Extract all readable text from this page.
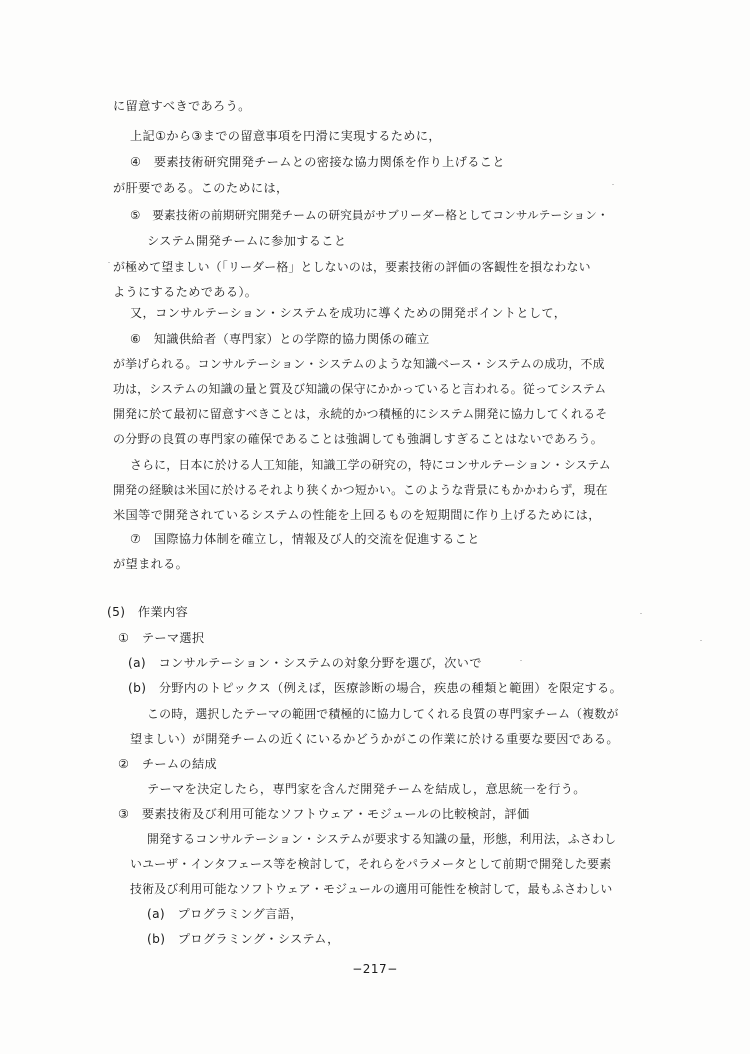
に留意すべきであろう。
上記①から③までの留意事項を円滑に実現するために，
④　要素技術研究開発チームとの密接な協力関係を作り上げること
が肝要である。このためには，
⑤　要素技術の前期研究開発チームの研究員がサブリーダー格としてコンサルテーション・
システム開発チームに参加すること
が極めて望ましい（「リーダー格」としないのは，要素技術の評価の客観性を損なわない
ようにするためである）。
又，コンサルテーション・システムを成功に導くための開発ポイントとして，
⑥　知識供給者（専門家）との学際的協力関係の確立
が挙げられる。コンサルテーション・システムのような知識ベース・システムの成功，不成
功は，システムの知識の量と質及び知識の保守にかかっていると言われる。従ってシステム
開発に於て最初に留意すべきことは，永続的かつ積極的にシステム開発に協力してくれるそ
の分野の良質の専門家の確保であることは強調しても強調しすぎることはないであろう。
さらに，日本に於ける人工知能，知識工学の研究の，特にコンサルテーション・システム
開発の経験は米国に於けるそれより狭くかつ短かい。このような背景にもかかわらず，現在
米国等で開発されているシステムの性能を上回るものを短期間に作り上げるためには，
⑦　国際協力体制を確立し，情報及び人的交流を促進すること
が望まれる。
(5)　作業内容
①　テーマ選択
(a)　コンサルテーション・システムの対象分野を選び，次いで
(b)　分野内のトピックス（例えば，医療診断の場合，疾患の種類と範囲）を限定する。
この時，選択したテーマの範囲で積極的に協力してくれる良質の専門家チーム（複数が
望ましい）が開発チームの近くにいるかどうかがこの作業に於ける重要な要因である。
②　チームの結成
テーマを決定したら，専門家を含んだ開発チームを結成し，意思統一を行う。
③　要素技術及び利用可能なソフトウェア・モジュールの比較検討，評価
開発するコンサルテーション・システムが要求する知識の量，形態，利用法，ふさわし
いユーザ・インタフェース等を検討して，それらをパラメータとして前期で開発した要素
技術及び利用可能なソフトウェア・モジュールの適用可能性を検討して，最もふさわしい
(a)　プログラミング言語，
(b)　プログラミング・システム，
−217−
